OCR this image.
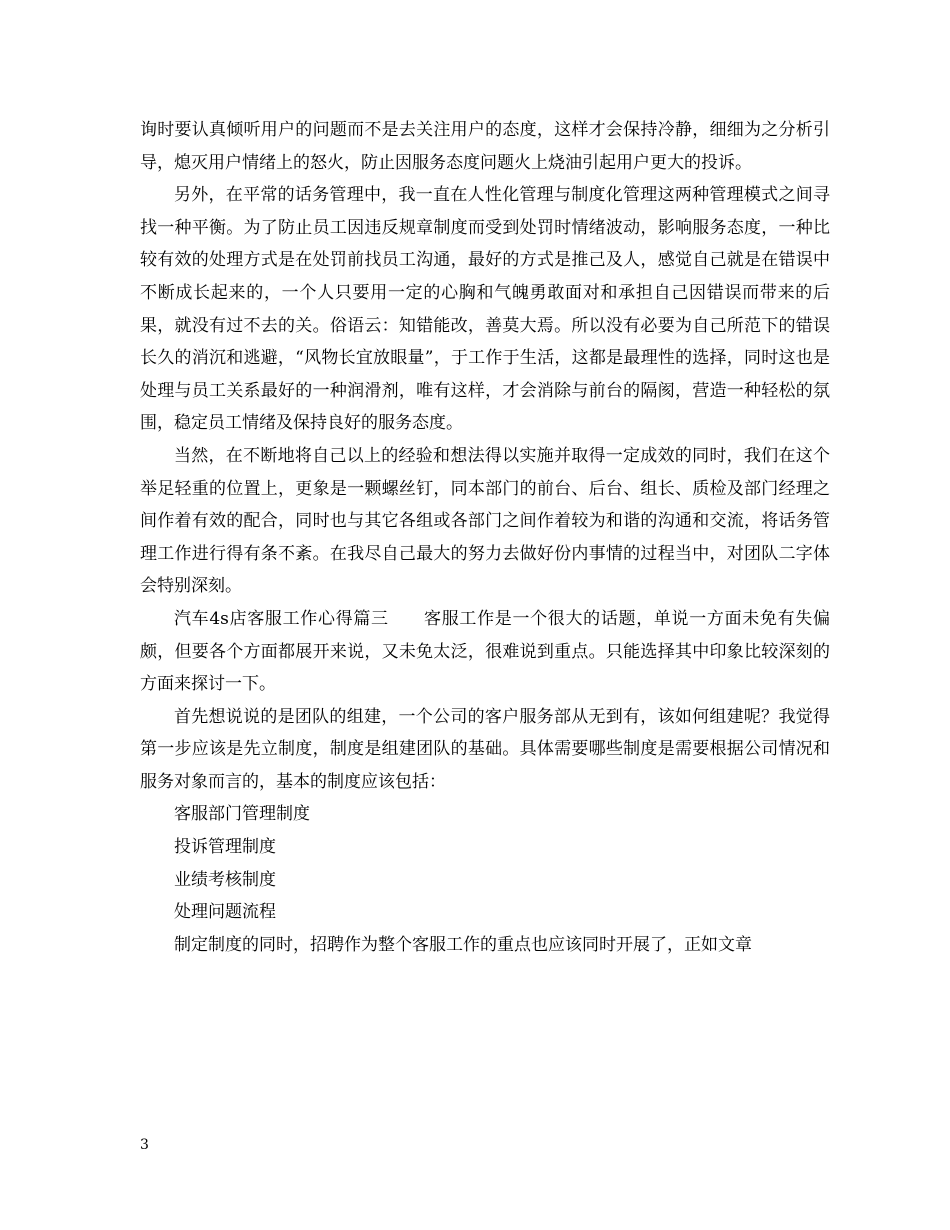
询时要认真倾听用户的问题而不是去关注用户的态度，这样才会保持冷静，细细为之分析引导，熄灭用户情绪上的怒火，防止因服务态度问题火上烧油引起用户更大的投诉。

另外，在平常的话务管理中，我一直在人性化管理与制度化管理这两种管理模式之间寻找一种平衡。为了防止员工因违反规章制度而受到处罚时情绪波动，影响服务态度，一种比较有效的处理方式是在处罚前找员工沟通，最好的方式是推己及人，感觉自己就是在错误中不断成长起来的，一个人只要用一定的心胸和气魄勇敢面对和承担自己因错误而带来的后果，就没有过不去的关。俗语云：知错能改，善莫大焉。所以没有必要为自己所范下的错误长久的消沉和逃避，“风物长宜放眼量”，于工作于生活，这都是最理性的选择，同时这也是处理与员工关系最好的一种润滑剂，唯有这样，才会消除与前台的隔阂，营造一种轻松的氛围，稳定员工情绪及保持良好的服务态度。

当然，在不断地将自己以上的经验和想法得以实施并取得一定成效的同时，我们在这个举足轻重的位置上，更象是一颗螺丝钉，同本部门的前台、后台、组长、质检及部门经理之间作着有效的配合，同时也与其它各组或各部门之间作着较为和谐的沟通和交流，将话务管理工作进行得有条不紊。在我尽自己最大的努力去做好份内事情的过程当中，对团队二字体会特别深刻。

汽车4s店客服工作心得篇三　　客服工作是一个很大的话题，单说一方面未免有失偏颇，但要各个方面都展开来说，又未免太泛，很难说到重点。只能选择其中印象比较深刻的方面来探讨一下。

首先想说说的是团队的组建，一个公司的客户服务部从无到有，该如何组建呢？我觉得第一步应该是先立制度，制度是组建团队的基础。具体需要哪些制度是需要根据公司情况和服务对象而言的，基本的制度应该包括：

客服部门管理制度

投诉管理制度

业绩考核制度

处理问题流程

制定制度的同时，招聘作为整个客服工作的重点也应该同时开展了，正如文章

3
